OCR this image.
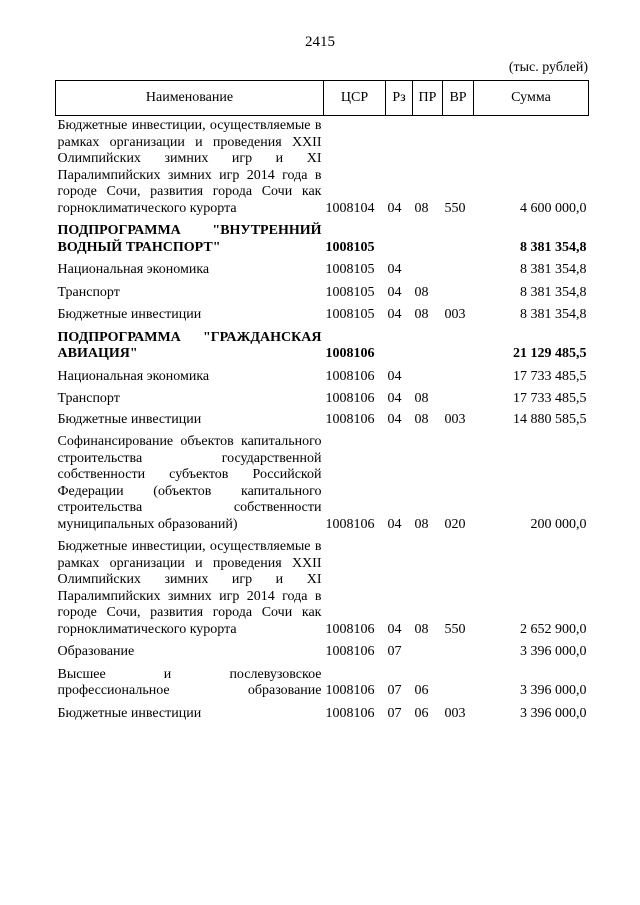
2415
(тыс. рублей)
Наименование	ЦСР	Рз	ПР	ВР	Сумма
Бюджетные инвестиции, осуществляемые в рамках организации и проведения XXII Олимпийских зимних игр и XI Паралимпийских зимних игр 2014 года в городе Сочи, развития города Сочи как горноклиматического курорта	1008104	04	08	550	4 600 000,0
ПОДПРОГРАММА "ВНУТРЕННИЙ ВОДНЫЙ ТРАНСПОРТ"	1008105				8 381 354,8
Национальная экономика	1008105	04			8 381 354,8
Транспорт	1008105	04	08		8 381 354,8
Бюджетные инвестиции	1008105	04	08	003	8 381 354,8
ПОДПРОГРАММА "ГРАЖДАНСКАЯ АВИАЦИЯ"	1008106				21 129 485,5
Национальная экономика	1008106	04			17 733 485,5
Транспорт	1008106	04	08		17 733 485,5
Бюджетные инвестиции	1008106	04	08	003	14 880 585,5
Софинансирование объектов капитального строительства государственной собственности субъектов Российской Федерации (объектов капитального строительства собственности муниципальных образований)	1008106	04	08	020	200 000,0
Бюджетные инвестиции, осуществляемые в рамках организации и проведения XXII Олимпийских зимних игр и XI Паралимпийских зимних игр 2014 года в городе Сочи, развития города Сочи как горноклиматического курорта	1008106	04	08	550	2 652 900,0
Образование	1008106	07			3 396 000,0
Высшее и послевузовское профессиональное образование	1008106	07	06		3 396 000,0
Бюджетные инвестиции	1008106	07	06	003	3 396 000,0
